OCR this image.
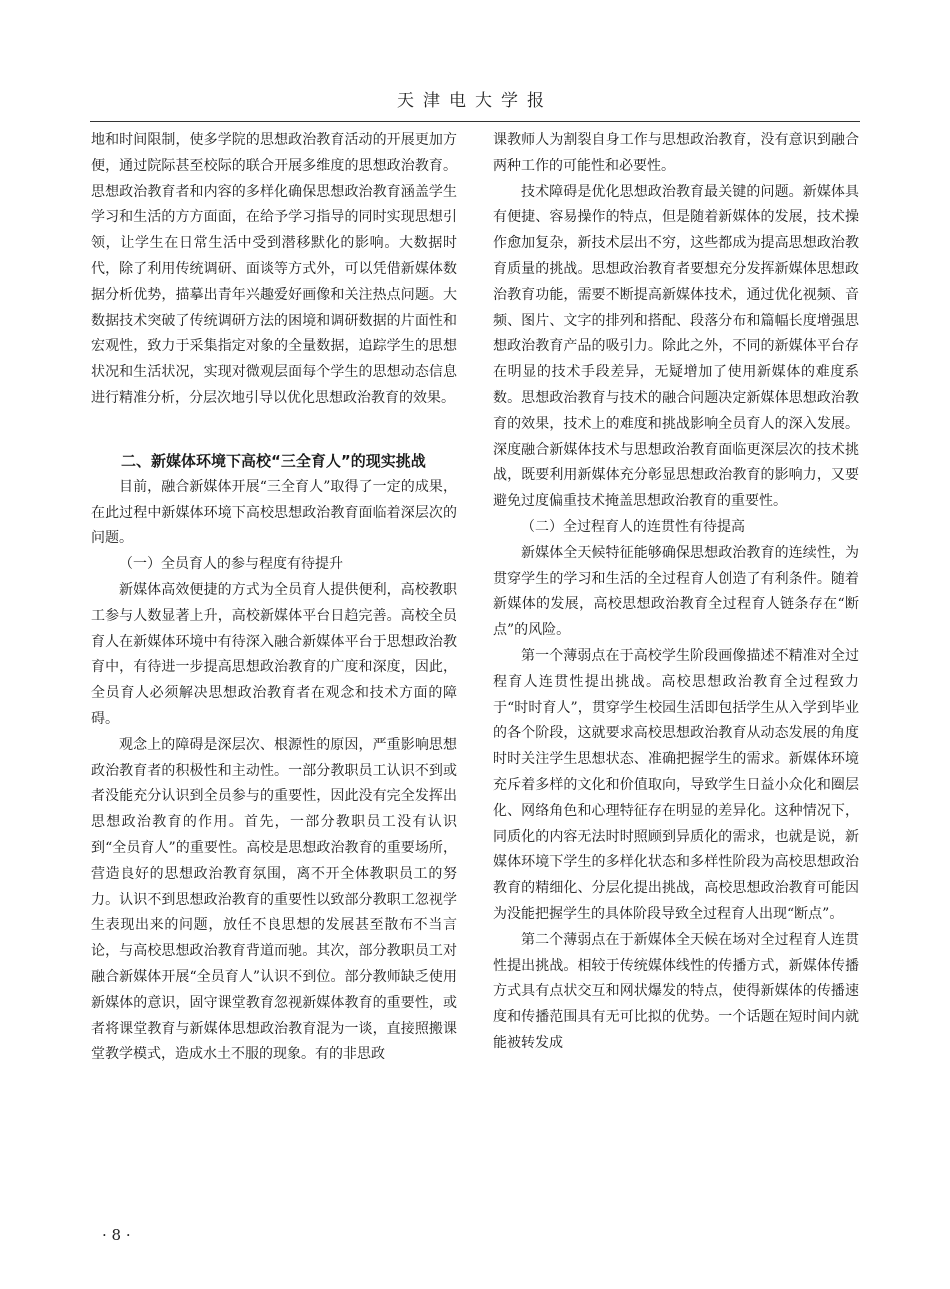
天津电大学报

地和时间限制，使多学院的思想政治教育活动的开展更加方便，通过院际甚至校际的联合开展多维度的思想政治教育。思想政治教育者和内容的多样化确保思想政治教育涵盖学生学习和生活的方方面面，在给予学习指导的同时实现思想引领，让学生在日常生活中受到潜移默化的影响。大数据时代，除了利用传统调研、面谈等方式外，可以凭借新媒体数据分析优势，描摹出青年兴趣爱好画像和关注热点问题。大数据技术突破了传统调研方法的困境和调研数据的片面性和宏观性，致力于采集指定对象的全量数据，追踪学生的思想状况和生活状况，实现对微观层面每个学生的思想动态信息进行精准分析，分层次地引导以优化思想政治教育的效果。

二、新媒体环境下高校“三全育人”的现实挑战

目前，融合新媒体开展“三全育人”取得了一定的成果，在此过程中新媒体环境下高校思想政治教育面临着深层次的问题。

（一）全员育人的参与程度有待提升

新媒体高效便捷的方式为全员育人提供便利，高校教职工参与人数显著上升，高校新媒体平台日趋完善。高校全员育人在新媒体环境中有待深入融合新媒体平台于思想政治教育中，有待进一步提高思想政治教育的广度和深度，因此，全员育人必须解决思想政治教育者在观念和技术方面的障碍。

观念上的障碍是深层次、根源性的原因，严重影响思想政治教育者的积极性和主动性。一部分教职员工认识不到或者没能充分认识到全员参与的重要性，因此没有完全发挥出思想政治教育的作用。首先，一部分教职员工没有认识到“全员育人”的重要性。高校是思想政治教育的重要场所，营造良好的思想政治教育氛围，离不开全体教职员工的努力。认识不到思想政治教育的重要性以致部分教职工忽视学生表现出来的问题，放任不良思想的发展甚至散布不当言论，与高校思想政治教育背道而驰。其次，部分教职员工对融合新媒体开展“全员育人”认识不到位。部分教师缺乏使用新媒体的意识，固守课堂教育忽视新媒体教育的重要性，或者将课堂教育与新媒体思想政治教育混为一谈，直接照搬课堂教学模式，造成水土不服的现象。有的非思政

课教师人为割裂自身工作与思想政治教育，没有意识到融合两种工作的可能性和必要性。

技术障碍是优化思想政治教育最关键的问题。新媒体具有便捷、容易操作的特点，但是随着新媒体的发展，技术操作愈加复杂，新技术层出不穷，这些都成为提高思想政治教育质量的挑战。思想政治教育者要想充分发挥新媒体思想政治教育功能，需要不断提高新媒体技术，通过优化视频、音频、图片、文字的排列和搭配、段落分布和篇幅长度增强思想政治教育产品的吸引力。除此之外，不同的新媒体平台存在明显的技术手段差异，无疑增加了使用新媒体的难度系数。思想政治教育与技术的融合问题决定新媒体思想政治教育的效果，技术上的难度和挑战影响全员育人的深入发展。深度融合新媒体技术与思想政治教育面临更深层次的技术挑战，既要利用新媒体充分彰显思想政治教育的影响力，又要避免过度偏重技术掩盖思想政治教育的重要性。

（二）全过程育人的连贯性有待提高

新媒体全天候特征能够确保思想政治教育的连续性，为贯穿学生的学习和生活的全过程育人创造了有利条件。随着新媒体的发展，高校思想政治教育全过程育人链条存在“断点”的风险。

第一个薄弱点在于高校学生阶段画像描述不精准对全过程育人连贯性提出挑战。高校思想政治教育全过程致力于“时时育人”，贯穿学生校园生活即包括学生从入学到毕业的各个阶段，这就要求高校思想政治教育从动态发展的角度时时关注学生思想状态、准确把握学生的需求。新媒体环境充斥着多样的文化和价值取向，导致学生日益小众化和圈层化、网络角色和心理特征存在明显的差异化。这种情况下，同质化的内容无法时时照顾到异质化的需求，也就是说，新媒体环境下学生的多样化状态和多样性阶段为高校思想政治教育的精细化、分层化提出挑战，高校思想政治教育可能因为没能把握学生的具体阶段导致全过程育人出现“断点”。

第二个薄弱点在于新媒体全天候在场对全过程育人连贯性提出挑战。相较于传统媒体线性的传播方式，新媒体传播方式具有点状交互和网状爆发的特点，使得新媒体的传播速度和传播范围具有无可比拟的优势。一个话题在短时间内就能被转发成

· 8 ·
